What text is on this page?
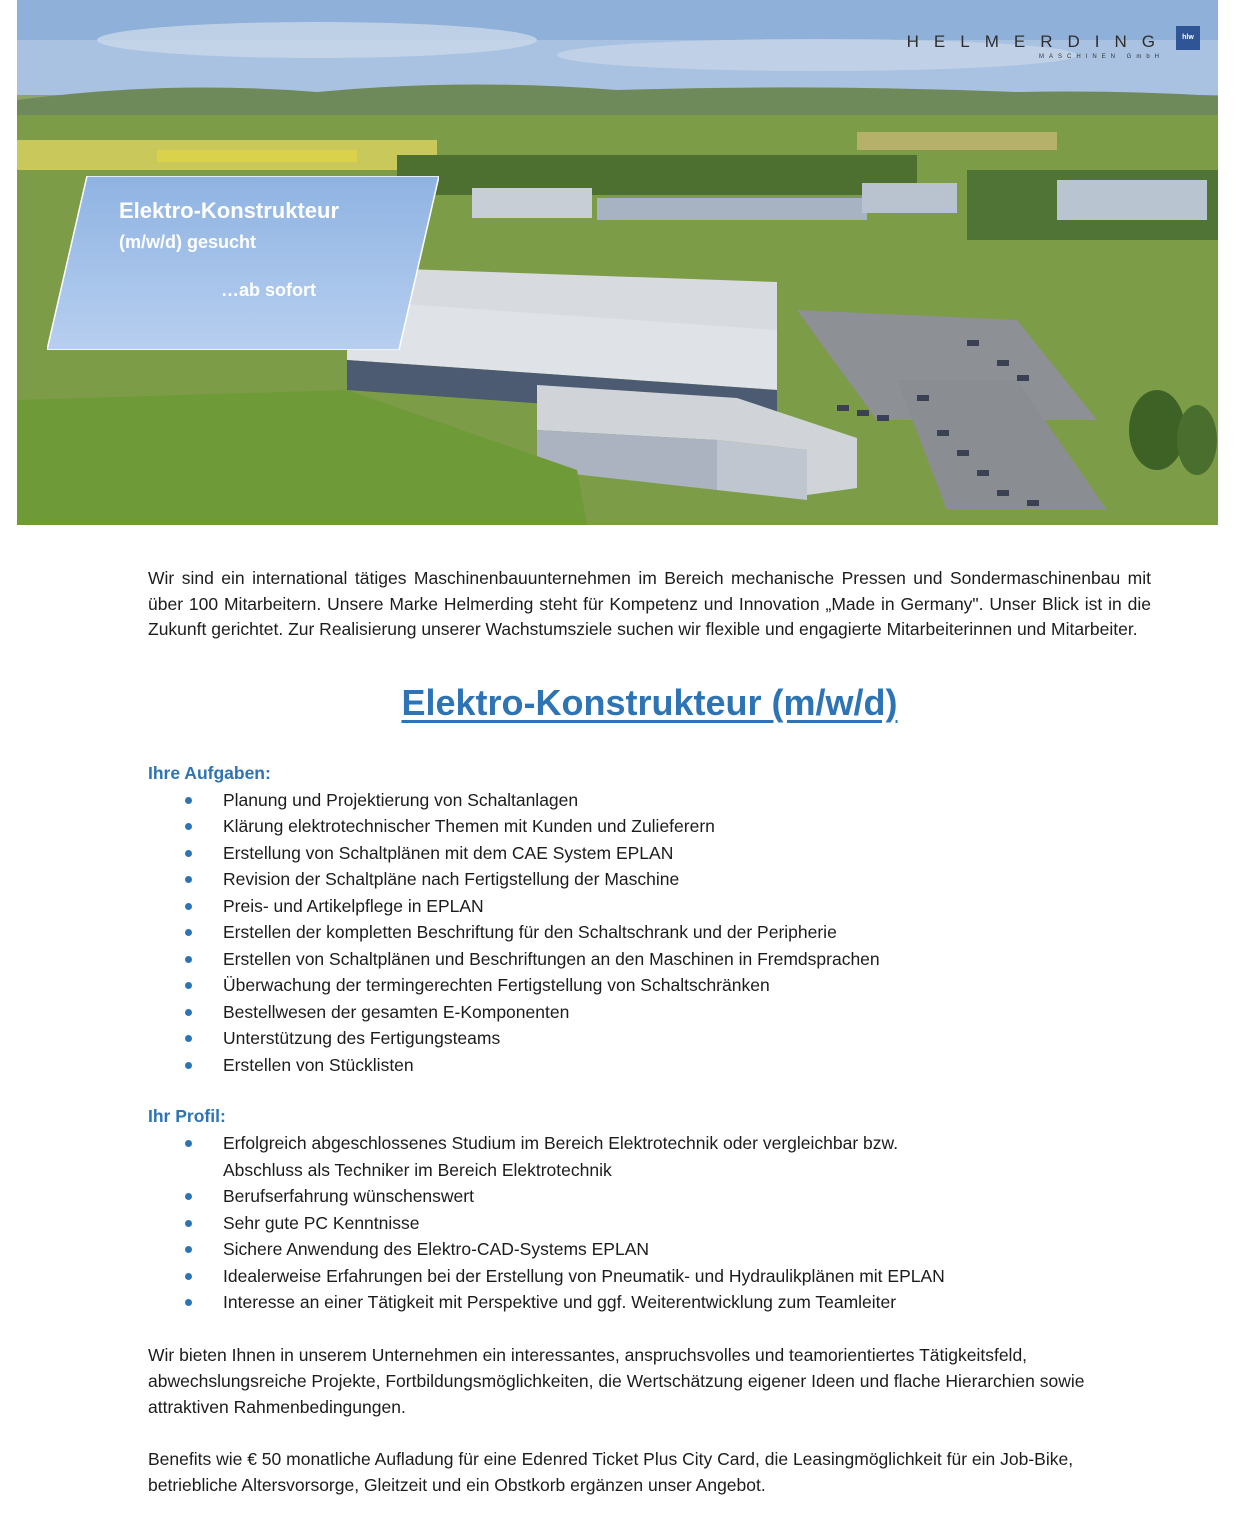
HELMERDING hlw
MASCHINEN GmbH
Elektro-Konstrukteur
(m/w/d) gesucht
…ab sofort

Wir sind ein international tätiges Maschinenbauunternehmen im Bereich mechanische Pressen und Sondermaschinenbau mit über 100 Mitarbeitern. Unsere Marke Helmerding steht für Kompetenz und Innovation „Made in Germany". Unser Blick ist in die Zukunft gerichtet. Zur Realisierung unserer Wachstumsziele suchen wir flexible und engagierte Mitarbeiterinnen und Mitarbeiter.

Elektro-Konstrukteur (m/w/d)
Ihre Aufgaben:
Planung und Projektierung von Schaltanlagen
Klärung elektrotechnischer Themen mit Kunden und Zulieferern
Erstellung von Schaltplänen mit dem CAE System EPLAN
Revision der Schaltpläne nach Fertigstellung der Maschine
Preis- und Artikelpflege in EPLAN
Erstellen der kompletten Beschriftung für den Schaltschrank und der Peripherie
Erstellen von Schaltplänen und Beschriftungen an den Maschinen in Fremdsprachen
Überwachung der termingerechten Fertigstellung von Schaltschränken
Bestellwesen der gesamten E-Komponenten
Unterstützung des Fertigungsteams
Erstellen von Stücklisten
Ihr Profil:
Erfolgreich abgeschlossenes Studium im Bereich Elektrotechnik oder vergleichbar bzw.
Abschluss als Techniker im Bereich Elektrotechnik
Berufserfahrung wünschenswert
Sehr gute PC Kenntnisse
Sichere Anwendung des Elektro-CAD-Systems EPLAN
Idealerweise Erfahrungen bei der Erstellung von Pneumatik- und Hydraulikplänen mit EPLAN
Interesse an einer Tätigkeit mit Perspektive und ggf. Weiterentwicklung zum Teamleiter

Wir bieten Ihnen in unserem Unternehmen ein interessantes, anspruchsvolles und teamorientiertes Tätigkeitsfeld, abwechslungsreiche Projekte, Fortbildungsmöglichkeiten, die Wertschätzung eigener Ideen und flache Hierarchien sowie attraktiven Rahmenbedingungen.

Benefits wie € 50 monatliche Aufladung für eine Edenred Ticket Plus City Card, die Leasingmöglichkeit für ein Job-Bike, betriebliche Altersvorsorge, Gleitzeit und ein Obstkorb ergänzen unser Angebot.
